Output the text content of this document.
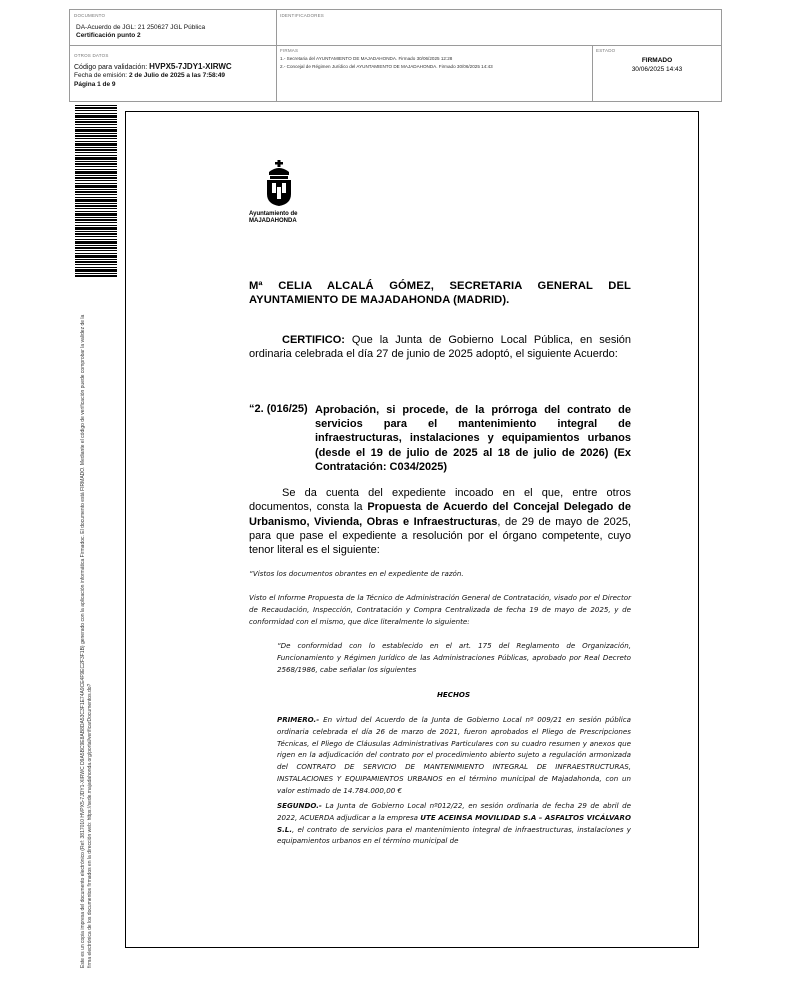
DOCUMENTO
DA-Acuerdo de JGL: 21 250627 JGL Pública
Certificación punto 2
IDENTIFICADORES
OTROS DATOS
Código para validación: HVPX5-7JDY1-XIRWC
Fecha de emisión: 2 de Julio de 2025 a las 7:58:49
Página 1 de 9
FIRMAS
1.- Secretaria del AYUNTAMIENTO DE MAJADAHONDA. Firmado 30/06/2025 12:28
2.- Concejal de Régimen Jurídico del AYUNTAMIENTO DE MAJADAHONDA. Firmado 30/06/2025 14:43
ESTADO
FIRMADO
30/06/2025 14:43
Este es un copia impresa del documento electrónico (Ref: 3817010 HVPX5-7JDY1-XIRWC D9A5BC9E8AB8DA53C3F1E74A9CE4F9EC2F3F1B) generado con la aplicación informática Firmadoc. El documento está FIRMADO. Mediante el código de verificación puede comprobar la validez de la firma electrónica de los documentos firmados en la dirección web: https://sede.majadahonda.org/portal/verificarDocumentos.do?
Ayuntamiento de
MAJADAHONDA
Mª CELIA ALCALÁ GÓMEZ, SECRETARIA GENERAL DEL AYUNTAMIENTO DE MAJADAHONDA (MADRID).
CERTIFICO: Que la Junta de Gobierno Local Pública, en sesión ordinaria celebrada el día 27 de junio de 2025 adoptó, el siguiente Acuerdo:
“2. (016/25) Aprobación, si procede, de la prórroga del contrato de servicios para el mantenimiento integral de infraestructuras, instalaciones y equipamientos urbanos (desde el 19 de julio de 2025 al 18 de julio de 2026) (Ex Contratación: C034/2025)
Se da cuenta del expediente incoado en el que, entre otros documentos, consta la Propuesta de Acuerdo del Concejal Delegado de Urbanismo, Vivienda, Obras e Infraestructuras, de 29 de mayo de 2025, para que pase el expediente a resolución por el órgano competente, cuyo tenor literal es el siguiente:
“Vistos los documentos obrantes en el expediente de razón.
Visto el Informe Propuesta de la Técnico de Administración General de Contratación, visado por el Director de Recaudación, Inspección, Contratación y Compra Centralizada de fecha 19 de mayo de 2025, y de conformidad con el mismo, que dice literalmente lo siguiente:
“De conformidad con lo establecido en el art. 175 del Reglamento de Organización, Funcionamiento y Régimen Jurídico de las Administraciones Públicas, aprobado por Real Decreto 2568/1986, cabe señalar los siguientes
HECHOS
PRIMERO.- En virtud del Acuerdo de la Junta de Gobierno Local nº 009/21 en sesión pública ordinaria celebrada el día 26 de marzo de 2021, fueron aprobados el Pliego de Prescripciones Técnicas, el Pliego de Cláusulas Administrativas Particulares con su cuadro resumen y anexos que rigen en la adjudicación del contrato por el procedimiento abierto sujeto a regulación armonizada del CONTRATO DE SERVICIO DE MANTENIMIENTO INTEGRAL DE INFRAESTRUCTURAS, INSTALACIONES Y EQUIPAMIENTOS URBANOS en el término municipal de Majadahonda, con un valor estimado de 14.784.000,00 €
SEGUNDO.- La Junta de Gobierno Local nº012/22, en sesión ordinaria de fecha 29 de abril de 2022, ACUERDA adjudicar a la empresa UTE ACEINSA MOVILIDAD S.A – ASFALTOS VICÁLVARO S.L., el contrato de servicios para el mantenimiento integral de infraestructuras, instalaciones y equipamientos urbanos en el término municipal de
